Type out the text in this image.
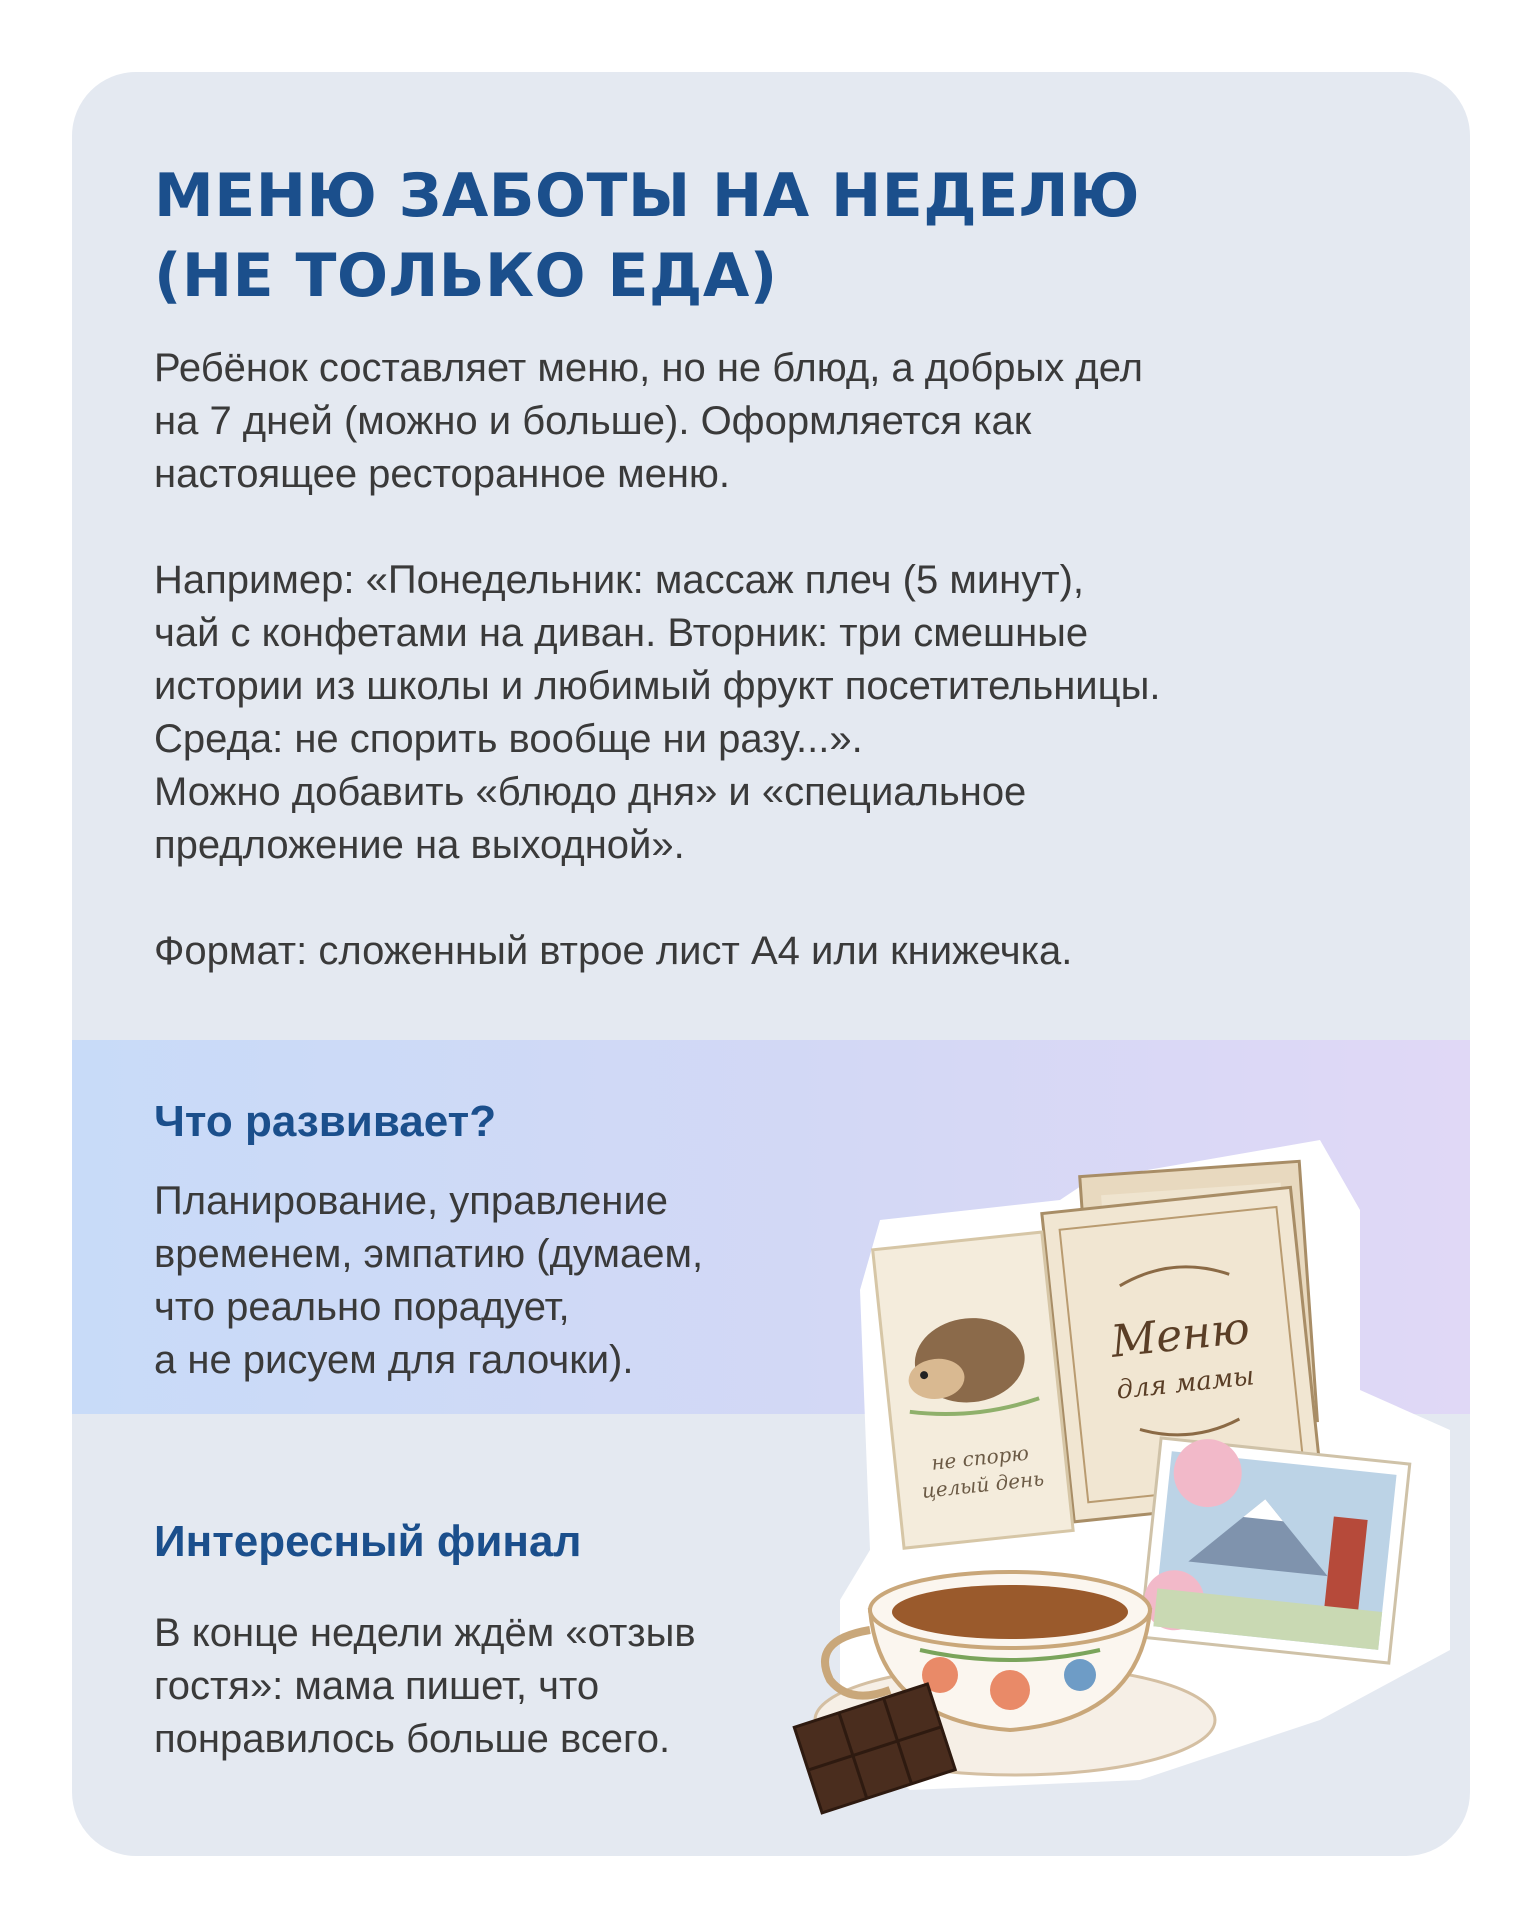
МЕНЮ ЗАБОТЫ НА НЕДЕЛЮ
(НЕ ТОЛЬКО ЕДА)

Ребёнок составляет меню, но не блюд, а добрых дел
на 7 дней (можно и больше). Оформляется как
настоящее ресторанное меню.

Например: «Понедельник: массаж плеч (5 минут),
чай с конфетами на диван. Вторник: три смешные
истории из школы и любимый фрукт посетительницы.
Среда: не спорить вообще ни разу...».
Можно добавить «блюдо дня» и «специальное
предложение на выходной».

Формат: сложенный втрое лист А4 или книжечка.

Что развивает?

Планирование, управление
временем, эмпатию (думаем,
что реально порадует,
а не рисуем для галочки).

Интересный финал

В конце недели ждём «отзыв
гостя»: мама пишет, что
понравилось больше всего.

Меню
для мамы
не спорю
целый день
